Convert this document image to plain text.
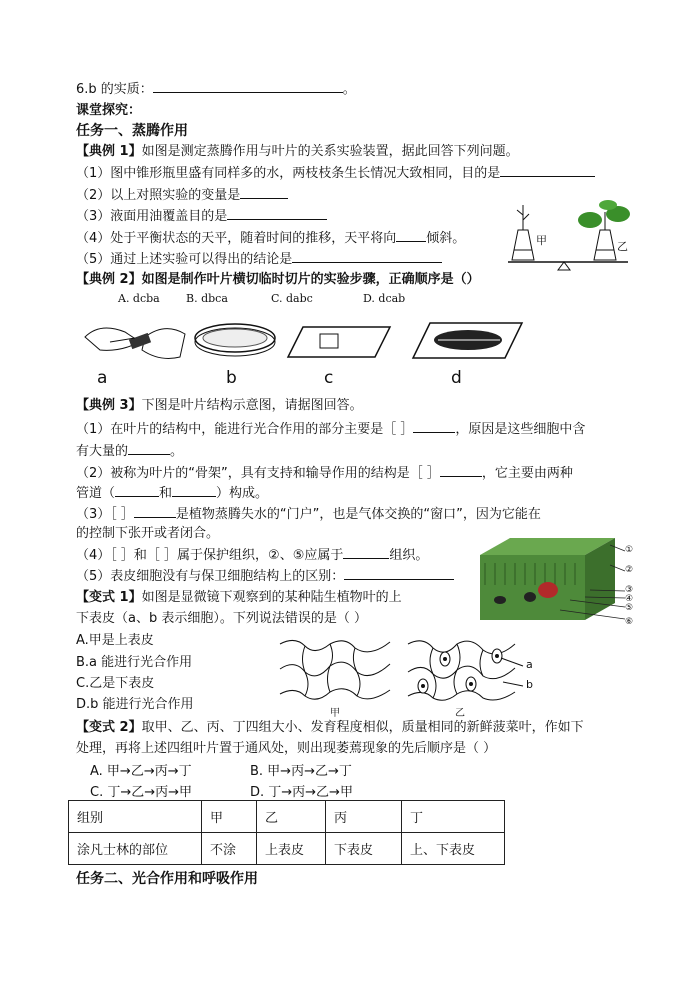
6.b 的实质：	。
课堂探究：
任务一、蒸腾作用
【典例 1】如图是测定蒸腾作用与叶片的关系实验装置，据此回答下列问题。
（1）图中锥形瓶里盛有同样多的水，两枝枝条生长情况大致相同，目的是
（2）以上对照实验的变量是
（3）液面用油覆盖目的是
（4）处于平衡状态的天平，随着时间的推移，天平将向 倾斜。
（5）通过上述实验可以得出的结论是
甲	乙
【典例 2】如图是制作叶片横切临时切片的实验步骤，正确顺序是（）
A. dcba B. dbca	C. dabc	D. dcab
a	b	c	d
【典例 3】下图是叶片结构示意图，请据图回答。
（1）在叶片的结构中，能进行光合作用的部分主要是［ ］	，原因是这些细胞中含
有大量的	。
（2）被称为叶片的“骨架”，具有支持和输导作用的结构是［ ］	，它主要由两种
管道（	和	）构成。
（3）［ ］	是植物蒸腾失水的“门户”，也是气体交换的“窗口”，因为它能在
的控制下张开或者闭合。
（4）［ ］和［ ］属于保护组织，②、⑤应属于	组织。
（5）表皮细胞没有与保卫细胞结构上的区别：
①
②
③
④
⑤
⑥
【变式 1】如图是显微镜下观察到的某种陆生植物叶的上
下表皮（a、b 表示细胞）。下列说法错误的是（ ）
A.甲是上表皮
B.a 能进行光合作用
C.乙是下表皮
D.b 能进行光合作用
a
b
甲	乙
【变式 2】取甲、乙、丙、丁四组大小、发育程度相似，质量相同的新鲜菠菜叶，作如下
处理，再将上述四组叶片置于通风处，则出现萎蔫现象的先后顺序是（ ）
A. 甲→乙→丙→丁	B. 甲→丙→乙→丁
C. 丁→乙→丙→甲	D. 丁→丙→乙→甲
组别	甲	乙	丙	丁
涂凡士林的部位	不涂	上表皮	下表皮	上、下表皮
任务二、光合作用和呼吸作用
